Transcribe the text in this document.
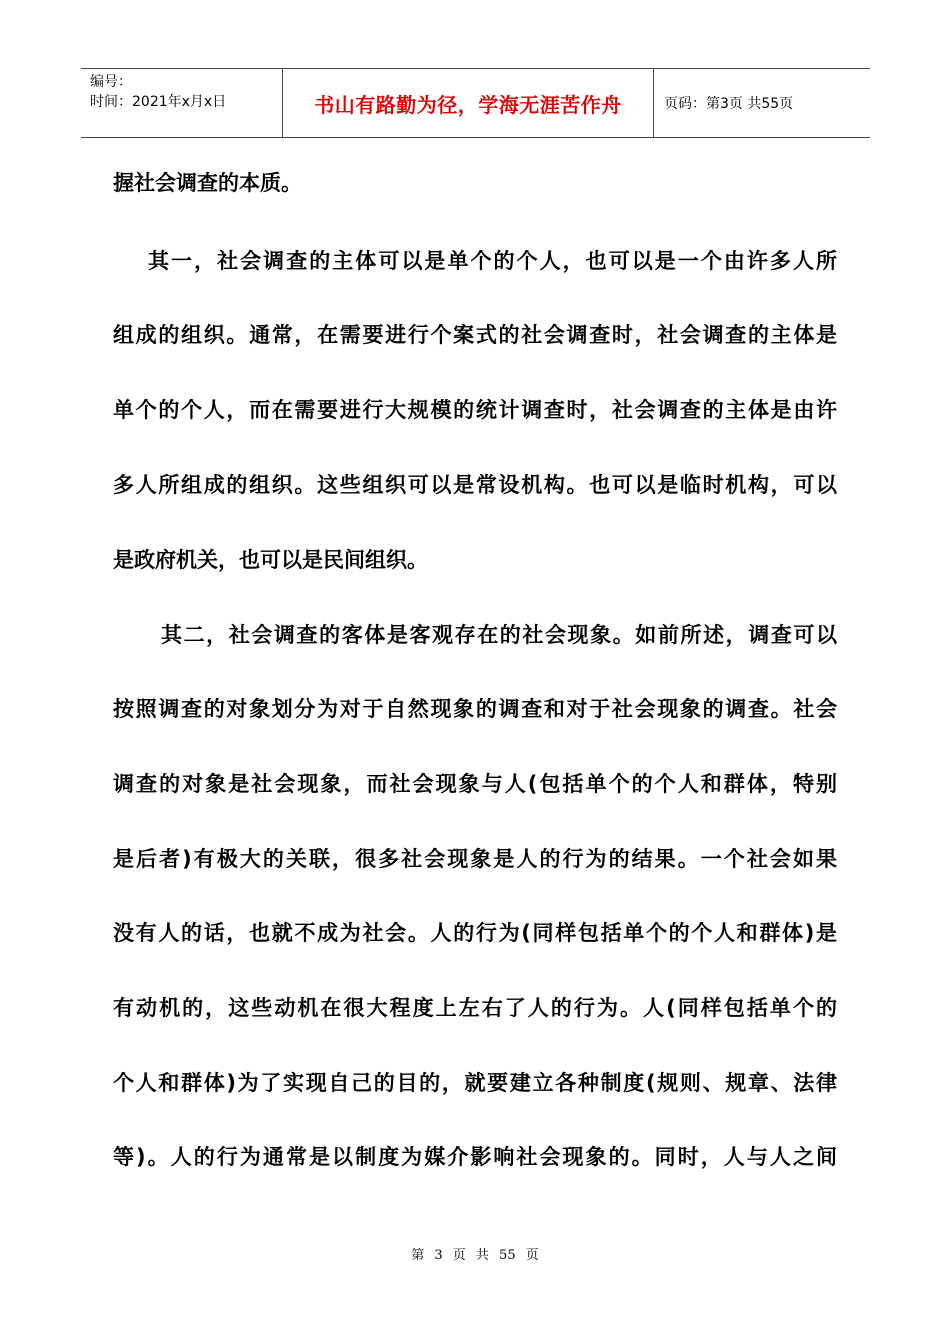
编号：
时间：2021年x月x日	书山有路勤为径，学海无涯苦作舟	页码：第3页 共55页
握社会调查的本质。
其一，社会调查的主体可以是单个的个人，也可以是一个由许多人所
组成的组织。通常，在需要进行个案式的社会调查时，社会调查的主体是
单个的个人，而在需要进行大规模的统计调查时，社会调查的主体是由许
多人所组成的组织。这些组织可以是常设机构。也可以是临时机构，可以
是政府机关，也可以是民间组织。
其二，社会调查的客体是客观存在的社会现象。如前所述，调查可以
按照调查的对象划分为对于自然现象的调查和对于社会现象的调查。社会
调查的对象是社会现象，而社会现象与人(包括单个的个人和群体，特别
是后者)有极大的关联，很多社会现象是人的行为的结果。一个社会如果
没有人的话，也就不成为社会。人的行为(同样包括单个的个人和群体)是
有动机的，这些动机在很大程度上左右了人的行为。人(同样包括单个的
个人和群体)为了实现自己的目的，就要建立各种制度(规则、规章、法律
等)。人的行为通常是以制度为媒介影响社会现象的。同时，人与人之间
第 3 页 共 55 页
